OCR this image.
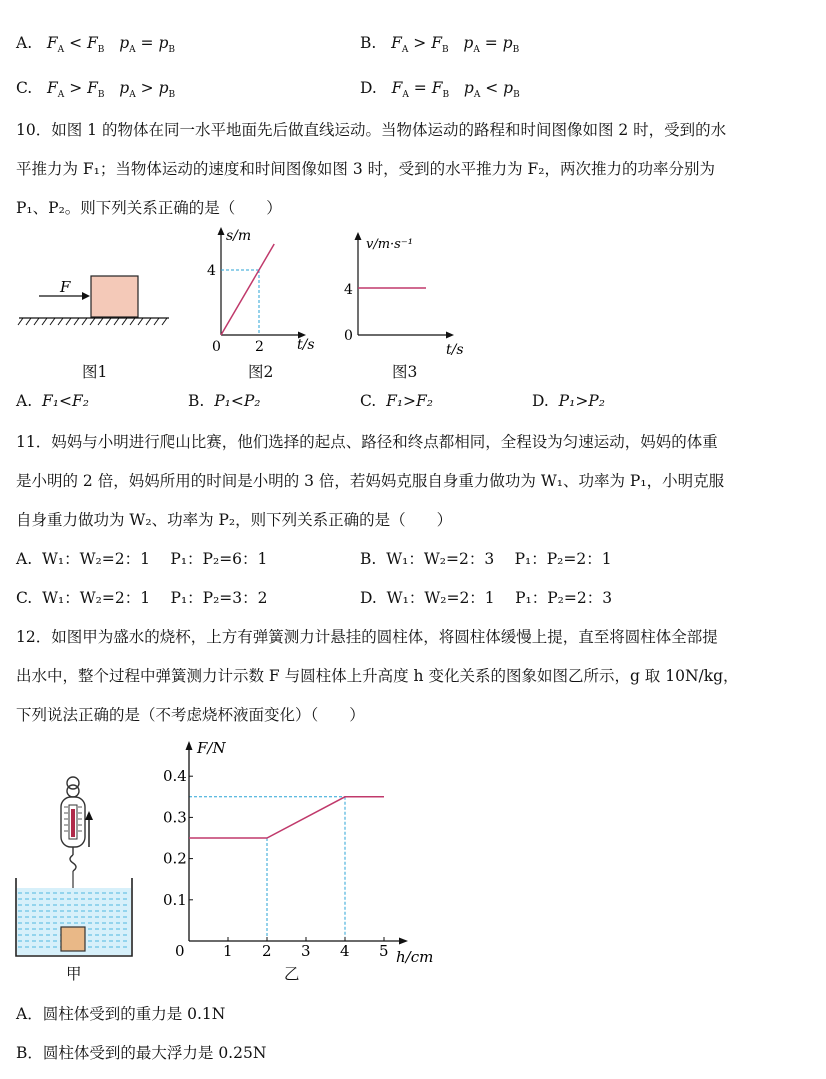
A. $F_A < F_B$ $p_A = p_B$	B. $F_A > F_B$ $p_A = p_B$
C. $F_A > F_B$ $p_A > p_B$	D. $F_A = F_B$ $p_A < p_B$
10．如图 1 的物体在同一水平地面先后做直线运动。当物体运动的路程和时间图像如图 2 时，受到的水
平推力为 F₁；当物体运动的速度和时间图像如图 3 时，受到的水平推力为 F₂，两次推力的功率分别为
P₁、P₂。则下列关系正确的是（　　）
F
图1
s/m
t/s
4
0 2
图2
v/m·s⁻¹
t/s
4
0
图3
A. F₁<F₂	B. P₁<P₂	C. F₁>F₂	D. P₁>P₂
11．妈妈与小明进行爬山比赛，他们选择的起点、路径和终点都相同，全程设为匀速运动，妈妈的体重
是小明的 2 倍，妈妈所用的时间是小明的 3 倍，若妈妈克服自身重力做功为 W₁、功率为 P₁，小明克服
自身重力做功为 W₂、功率为 P₂，则下列关系正确的是（　　）
A. W₁：W₂=2：1　 P₁：P₂=6：1	B. W₁：W₂=2：3　 P₁：P₂=2：1
C. W₁：W₂=2：1　 P₁：P₂=3：2	D. W₁：W₂=2：1　 P₁：P₂=2：3
12．如图甲为盛水的烧杯，上方有弹簧测力计悬挂的圆柱体，将圆柱体缓慢上提，直至将圆柱体全部提
出水中，整个过程中弹簧测力计示数 F 与圆柱体上升高度 h 变化关系的图象如图乙所示，g 取 10N/kg，
下列说法正确的是（不考虑烧杯液面变化）（　　）
甲
F/N
h/cm
0	1 2 3 4 5
0.1
0.2
0.3
0.4
乙
A．圆柱体受到的重力是 0.1N
B．圆柱体受到的最大浮力是 0.25N
